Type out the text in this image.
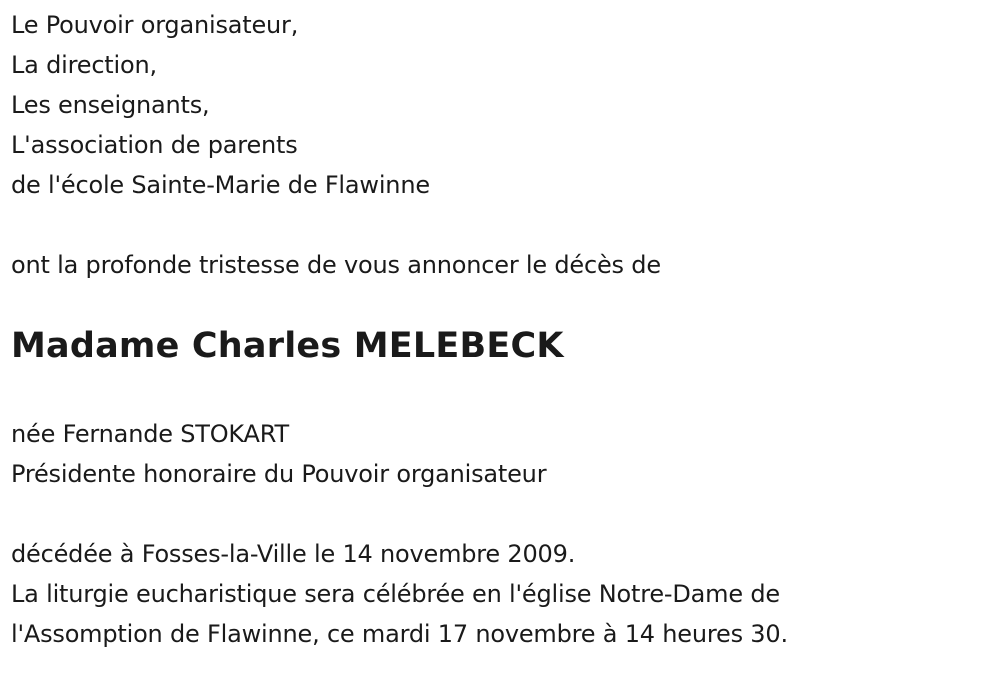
Le Pouvoir organisateur,
La direction,
Les enseignants,
L'association de parents
de l'école Sainte-Marie de Flawinne
ont la profonde tristesse de vous annoncer le décès de
Madame Charles MELEBECK
née Fernande STOKART
Présidente honoraire du Pouvoir organisateur
décédée à Fosses-la-Ville le 14 novembre 2009.
La liturgie eucharistique sera célébrée en l'église Notre-Dame de
l'Assomption de Flawinne, ce mardi 17 novembre à 14 heures 30.
